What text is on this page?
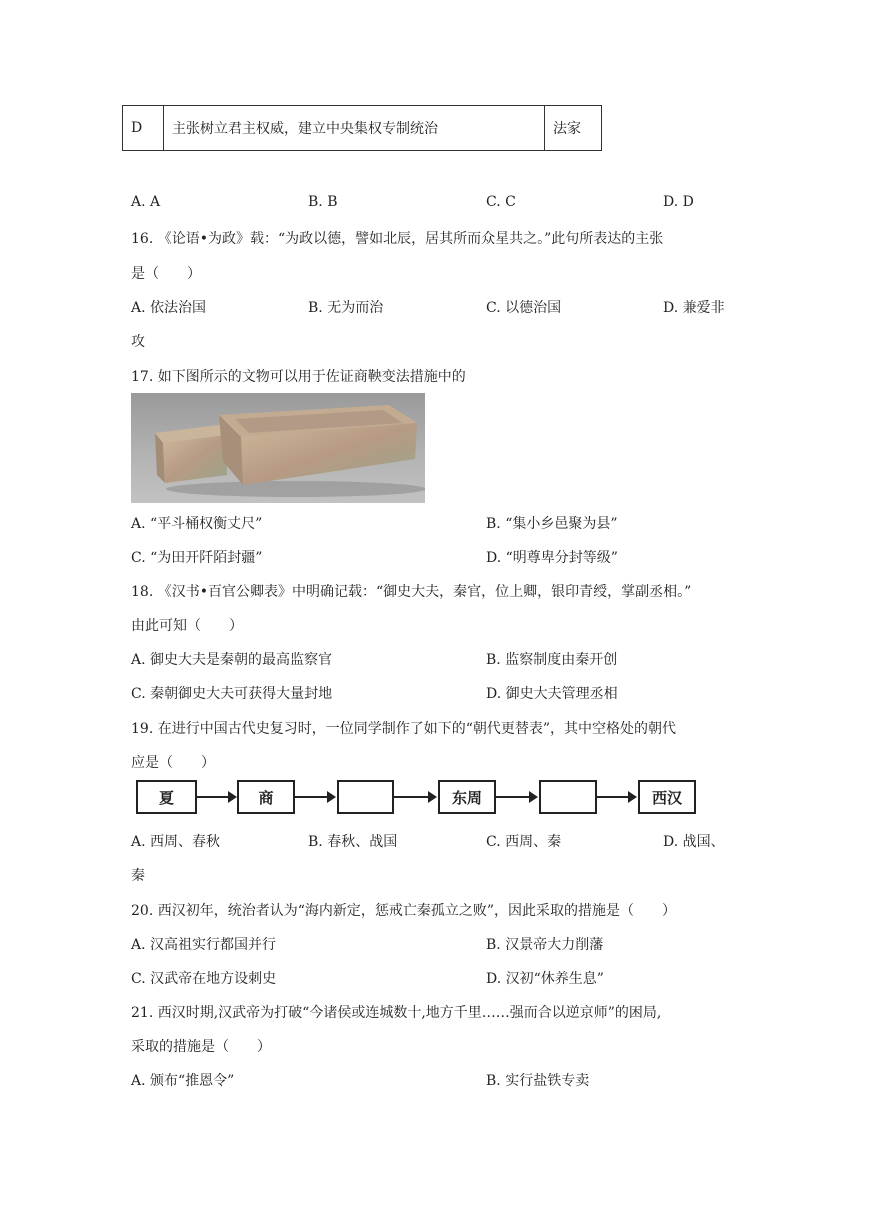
D	主张树立君主权威，建立中央集权专制统治	法家
A. A	B. B	C. C	D. D
16. 《论语•为政》载：“为政以德，譬如北辰，居其所而众星共之。”此句所表达的主张
是（　　）
A. 依法治国	B. 无为而治	C. 以德治国	D. 兼爱非
攻
17. 如下图所示的文物可以用于佐证商鞅变法措施中的
A. “平斗桶权衡丈尺”	B. “集小乡邑聚为县”
C. “为田开阡陌封疆”	D. “明尊卑分封等级”
18. 《汉书•百官公卿表》中明确记载：“御史大夫，秦官，位上卿，银印青绶，掌副丞相。”
由此可知（　　）
A. 御史大夫是秦朝的最高监察官	B. 监察制度由秦开创
C. 秦朝御史大夫可获得大量封地	D. 御史大夫管理丞相
19. 在进行中国古代史复习时，一位同学制作了如下的“朝代更替表”，其中空格处的朝代
应是（　　）
夏	商	东周	西汉
A. 西周、春秋	B. 春秋、战国	C. 西周、秦	D. 战国、
秦
20. 西汉初年，统治者认为“海内新定，惩戒亡秦孤立之败”，因此采取的措施是（　　）
A. 汉高祖实行都国并行	B. 汉景帝大力削藩
C. 汉武帝在地方设刺史	D. 汉初“休养生息”
21. 西汉时期,汉武帝为打破“今诸侯或连城数十,地方千里……强而合以逆京师”的困局,
采取的措施是（　　）
A. 颁布“推恩令”	B. 实行盐铁专卖
